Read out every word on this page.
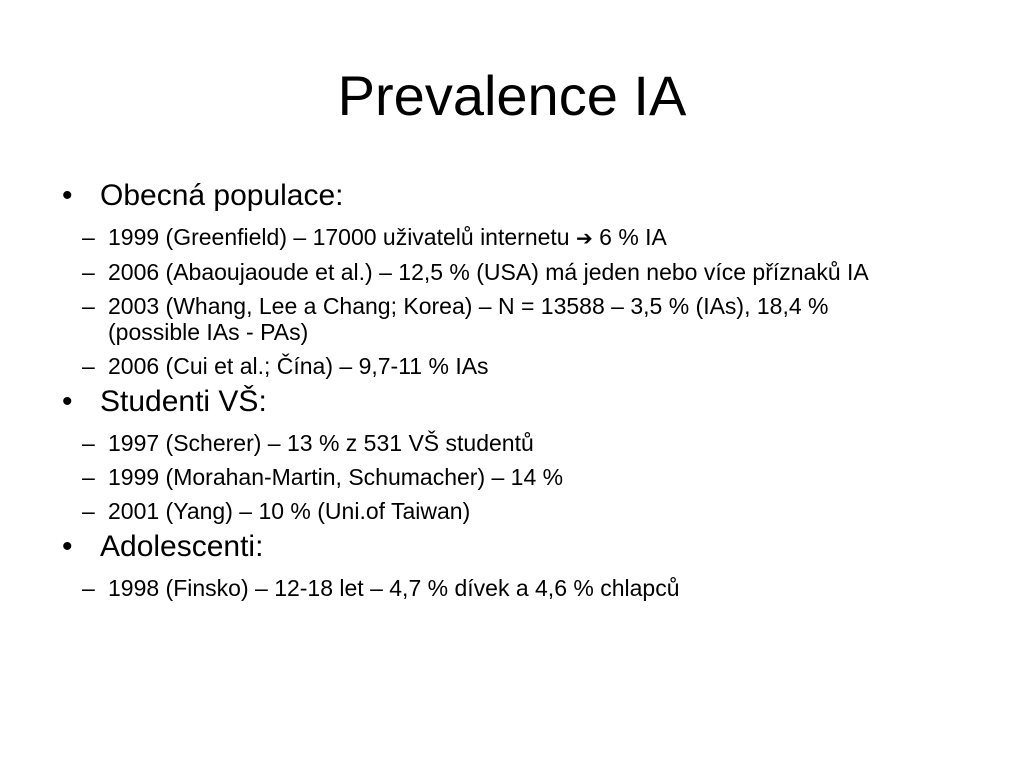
Prevalence IA
• Obecná populace:
– 1999 (Greenfield) – 17000 uživatelů internetu ➔ 6 % IA
– 2006 (Abaoujaoude et al.) – 12,5 % (USA) má jeden nebo více příznaků IA
– 2003 (Whang, Lee a Chang; Korea) – N = 13588 – 3,5 % (IAs), 18,4 % (possible IAs - PAs)
– 2006 (Cui et al.; Čína) – 9,7-11 % IAs
• Studenti VŠ:
– 1997 (Scherer) – 13 % z 531 VŠ studentů
– 1999 (Morahan-Martin, Schumacher) – 14 %
– 2001 (Yang) – 10 % (Uni.of Taiwan)
• Adolescenti:
– 1998 (Finsko) – 12-18 let – 4,7 % dívek a 4,6 % chlapců
